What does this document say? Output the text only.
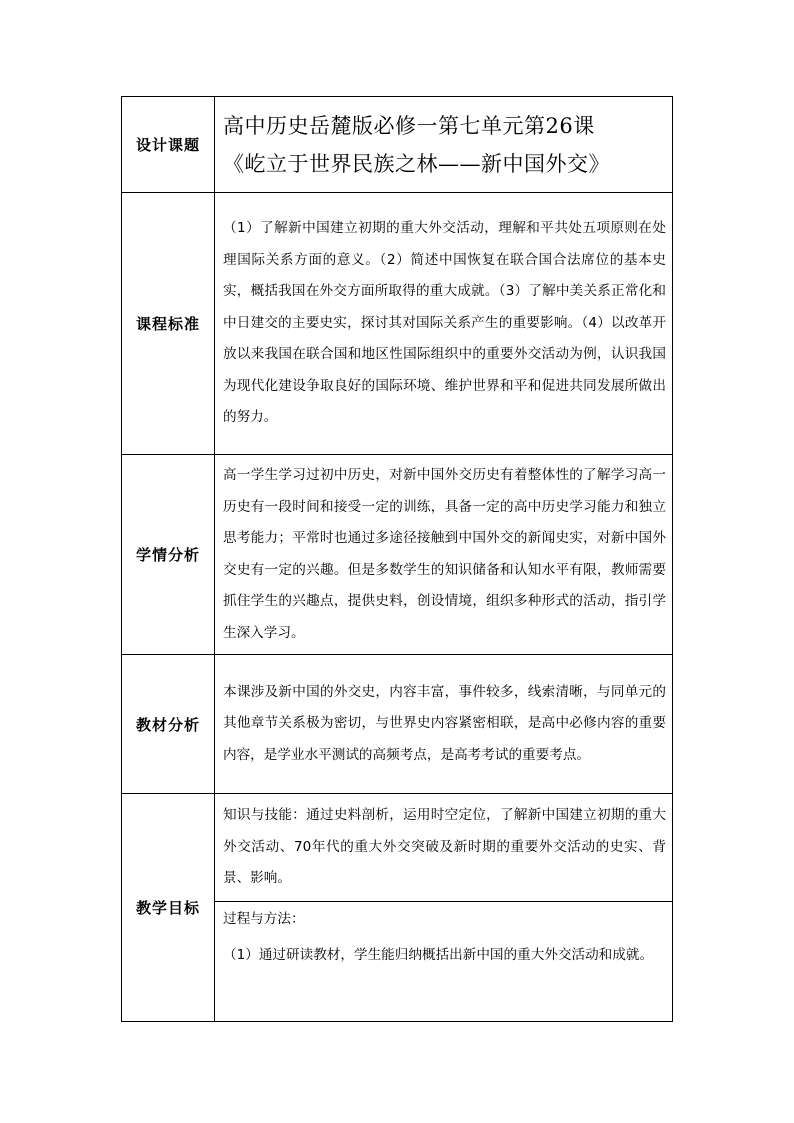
设计课题	高中历史岳麓版必修一第七单元第26课
《屹立于世界民族之林——新中国外交》

课程标准	（1）了解新中国建立初期的重大外交活动，理解和平共处五项原则在处理国际关系方面的意义。（2）简述中国恢复在联合国合法席位的基本史实，概括我国在外交方面所取得的重大成就。（3）了解中美关系正常化和中日建交的主要史实，探讨其对国际关系产生的重要影响。（4）以改革开放以来我国在联合国和地区性国际组织中的重要外交活动为例，认识我国为现代化建设争取良好的国际环境、维护世界和平和促进共同发展所做出的努力。
学情分析	高一学生学习过初中历史，对新中国外交历史有着整体性的了解学习高一历史有一段时间和接受一定的训练，具备一定的高中历史学习能力和独立思考能力；平常时也通过多途径接触到中国外交的新闻史实，对新中国外交史有一定的兴趣。但是多数学生的知识储备和认知水平有限，教师需要抓住学生的兴趣点，提供史料，创设情境，组织多种形式的活动，指引学生深入学习。
教材分析	本课涉及新中国的外交史，内容丰富，事件较多，线索清晰，与同单元的其他章节关系极为密切，与世界史内容紧密相联，是高中必修内容的重要内容，是学业水平测试的高频考点，是高考考试的重要考点。
教学目标	知识与技能：通过史料剖析，运用时空定位，了解新中国建立初期的重大外交活动、70年代的重大外交突破及新时期的重要外交活动的史实、背景、影响。

	过程与方法：
（1）通过研读教材，学生能归纳概括出新中国的重大外交活动和成就。
